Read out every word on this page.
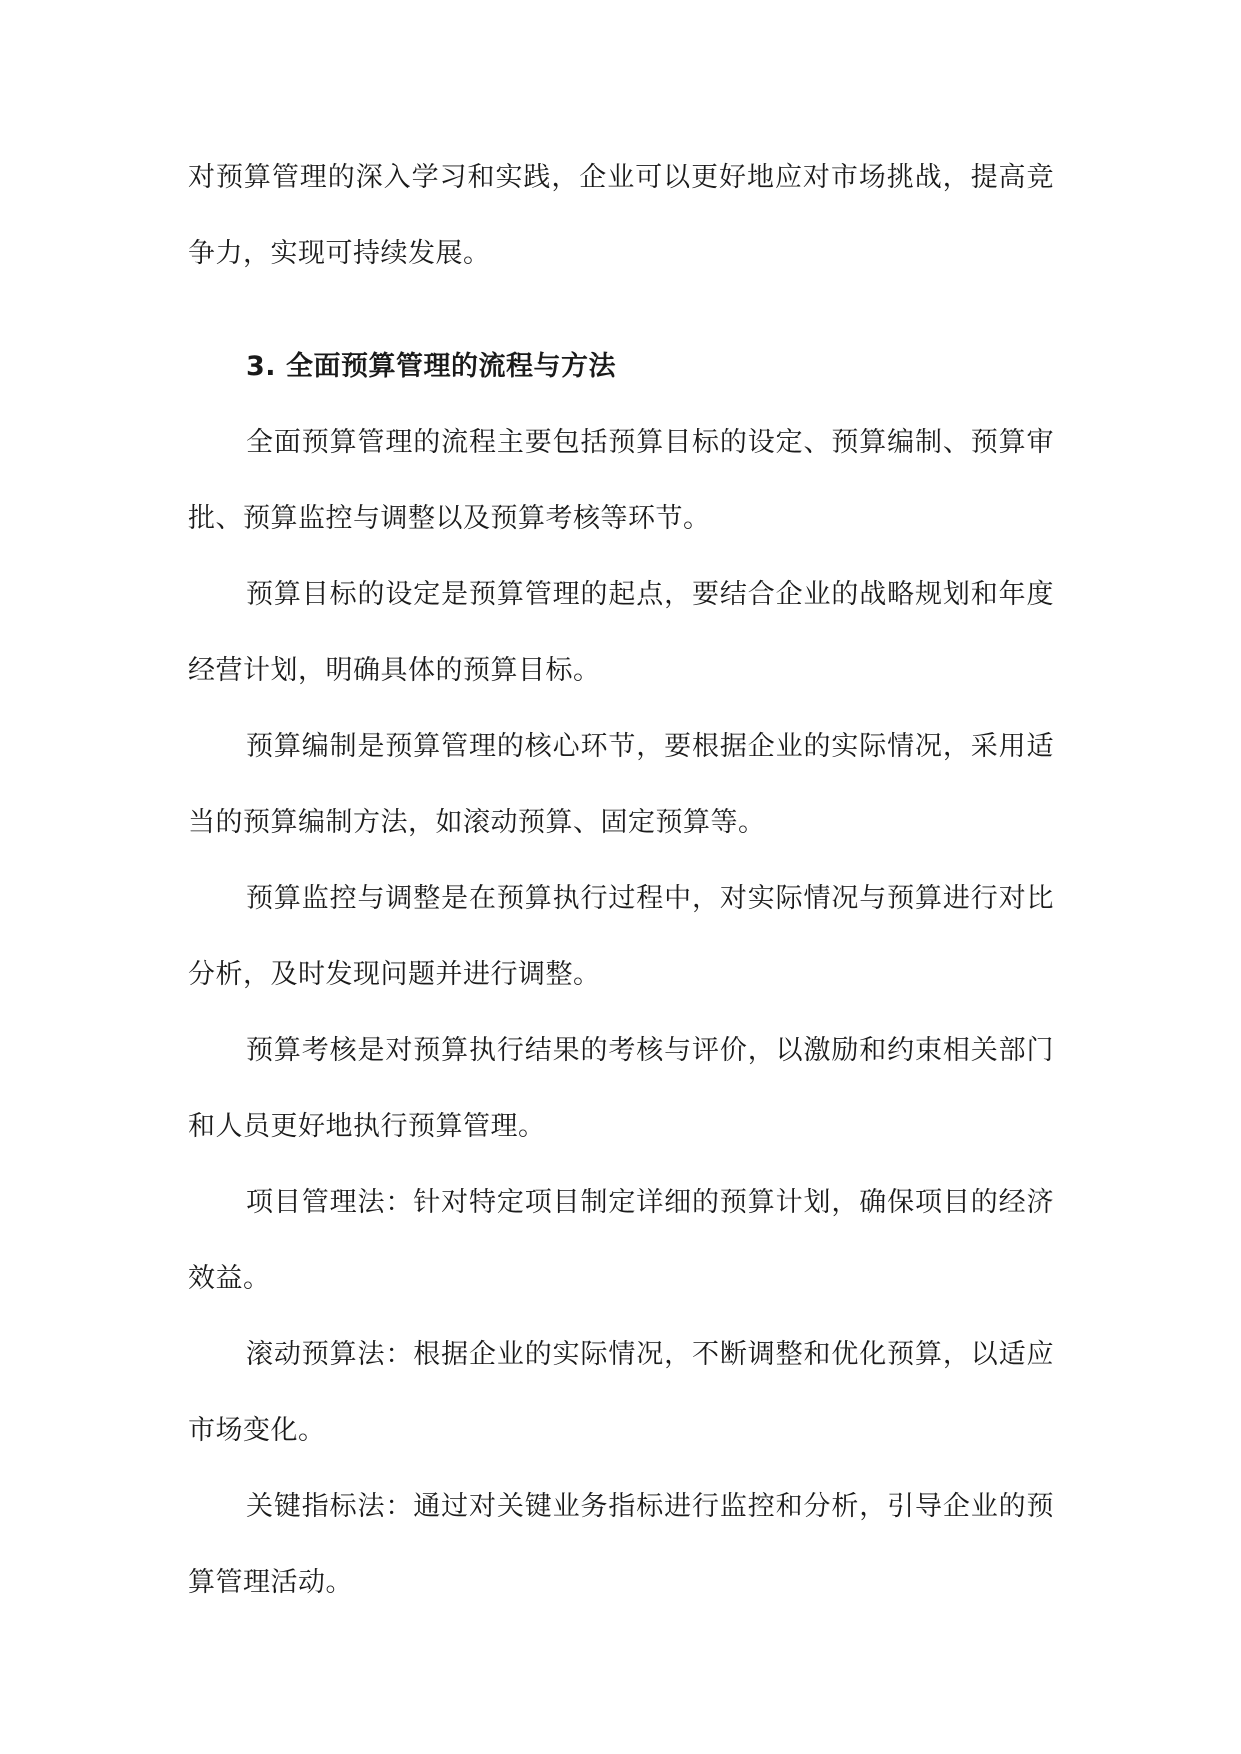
对预算管理的深入学习和实践，企业可以更好地应对市场挑战，提高竞争力，实现可持续发展。

3. 全面预算管理的流程与方法

全面预算管理的流程主要包括预算目标的设定、预算编制、预算审批、预算监控与调整以及预算考核等环节。

预算目标的设定是预算管理的起点，要结合企业的战略规划和年度经营计划，明确具体的预算目标。

预算编制是预算管理的核心环节，要根据企业的实际情况，采用适当的预算编制方法，如滚动预算、固定预算等。

预算监控与调整是在预算执行过程中，对实际情况与预算进行对比分析，及时发现问题并进行调整。

预算考核是对预算执行结果的考核与评价，以激励和约束相关部门和人员更好地执行预算管理。

项目管理法：针对特定项目制定详细的预算计划，确保项目的经济效益。

滚动预算法：根据企业的实际情况，不断调整和优化预算，以适应市场变化。

关键指标法：通过对关键业务指标进行监控和分析，引导企业的预算管理活动。
